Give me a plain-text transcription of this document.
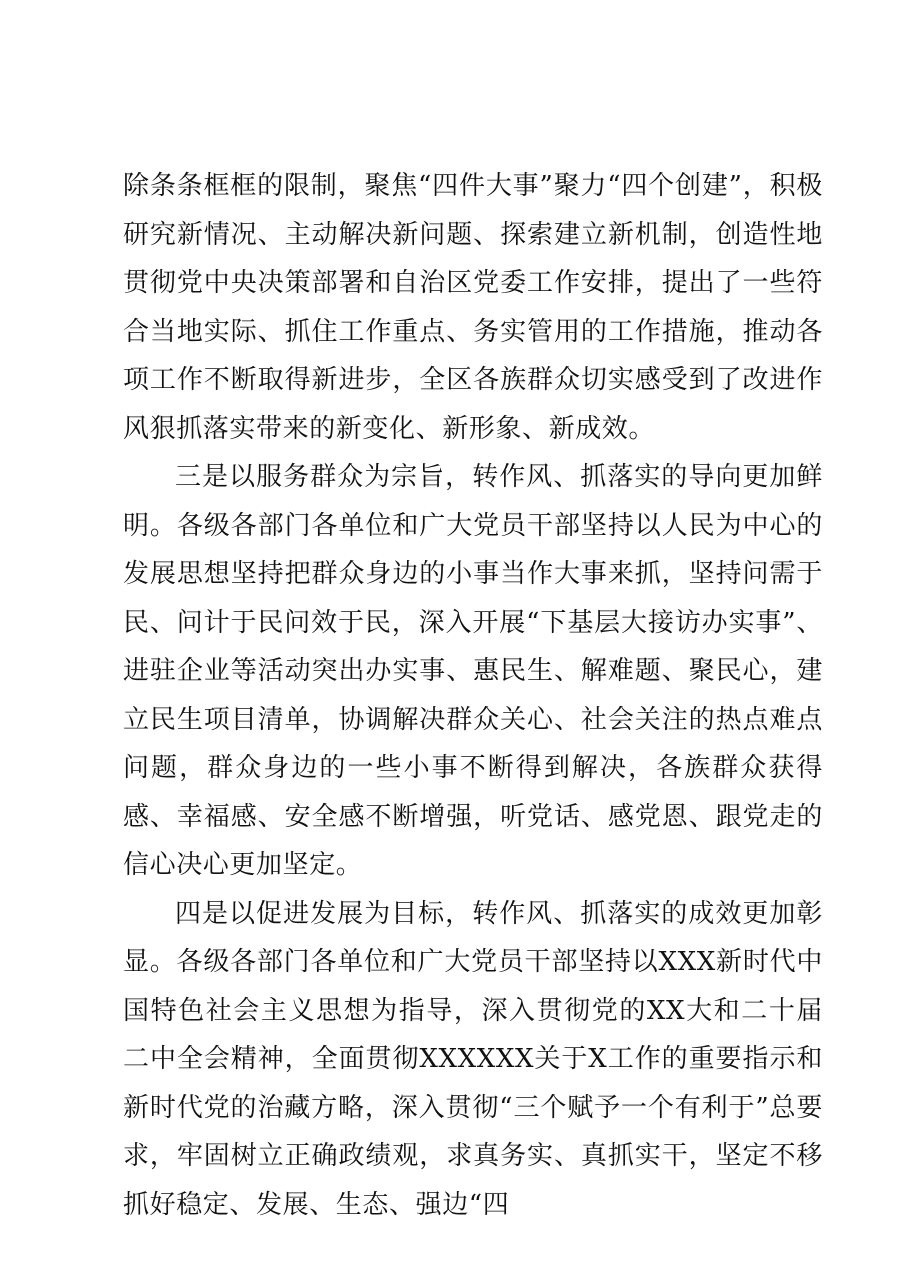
除条条框框的限制，聚焦“四件大事”聚力“四个创建”，积极研究新情况、主动解决新问题、探索建立新机制，创造性地贯彻党中央决策部署和自治区党委工作安排，提出了一些符合当地实际、抓住工作重点、务实管用的工作措施，推动各项工作不断取得新进步，全区各族群众切实感受到了改进作风狠抓落实带来的新变化、新形象、新成效。

三是以服务群众为宗旨，转作风、抓落实的导向更加鲜明。各级各部门各单位和广大党员干部坚持以人民为中心的发展思想坚持把群众身边的小事当作大事来抓，坚持问需于民、问计于民问效于民，深入开展“下基层大接访办实事”、进驻企业等活动突出办实事、惠民生、解难题、聚民心，建立民生项目清单，协调解决群众关心、社会关注的热点难点问题，群众身边的一些小事不断得到解决，各族群众获得感、幸福感、安全感不断增强，听党话、感党恩、跟党走的信心决心更加坚定。

四是以促进发展为目标，转作风、抓落实的成效更加彰显。各级各部门各单位和广大党员干部坚持以XXX新时代中国特色社会主义思想为指导，深入贯彻党的XX大和二十届二中全会精神，全面贯彻XXXXXX关于X工作的重要指示和新时代党的治藏方略，深入贯彻“三个赋予一个有利于”总要求，牢固树立正确政绩观，求真务实、真抓实干，坚定不移抓好稳定、发展、生态、强边“四
